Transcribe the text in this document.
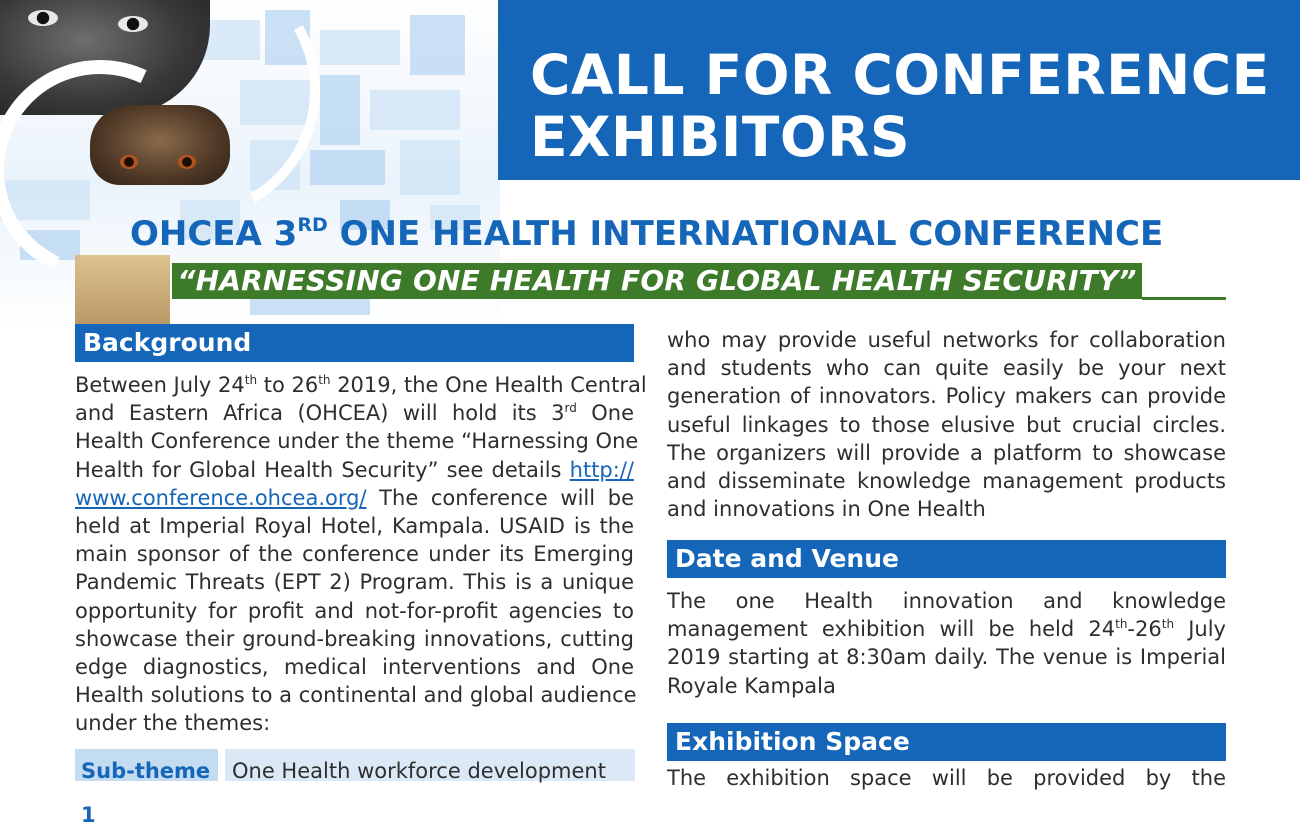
CALL FOR CONFERENCE
EXHIBITORS
OHCEA 3RD ONE HEALTH INTERNATIONAL CONFERENCE
“HARNESSING ONE HEALTH FOR GLOBAL HEALTH SECURITY”
Background
Between July 24th to 26th 2019, the One Health Central
and Eastern Africa (OHCEA) will hold its 3rd One
Health Conference under the theme “Harnessing One
Health for Global Health Security” see details http://
www.conference.ohcea.org/ The conference will be
held at Imperial Royal Hotel, Kampala. USAID is the
main sponsor of the conference under its Emerging
Pandemic Threats (EPT 2) Program. This is a unique
opportunity for profit and not-for-profit agencies to
showcase their ground-breaking innovations, cutting
edge diagnostics, medical interventions and One
Health solutions to a continental and global audience
under the themes:
Sub-theme 1
One Health workforce development
who may provide useful networks for collaboration
and students who can quite easily be your next
generation of innovators. Policy makers can provide
useful linkages to those elusive but crucial circles.
The organizers will provide a platform to showcase
and disseminate knowledge management products
and innovations in One Health
Date and Venue
The one Health innovation and knowledge
management exhibition will be held 24th-26th July
2019 starting at 8:30am daily. The venue is Imperial
Royale Kampala
Exhibition Space
The exhibition space will be provided by the
